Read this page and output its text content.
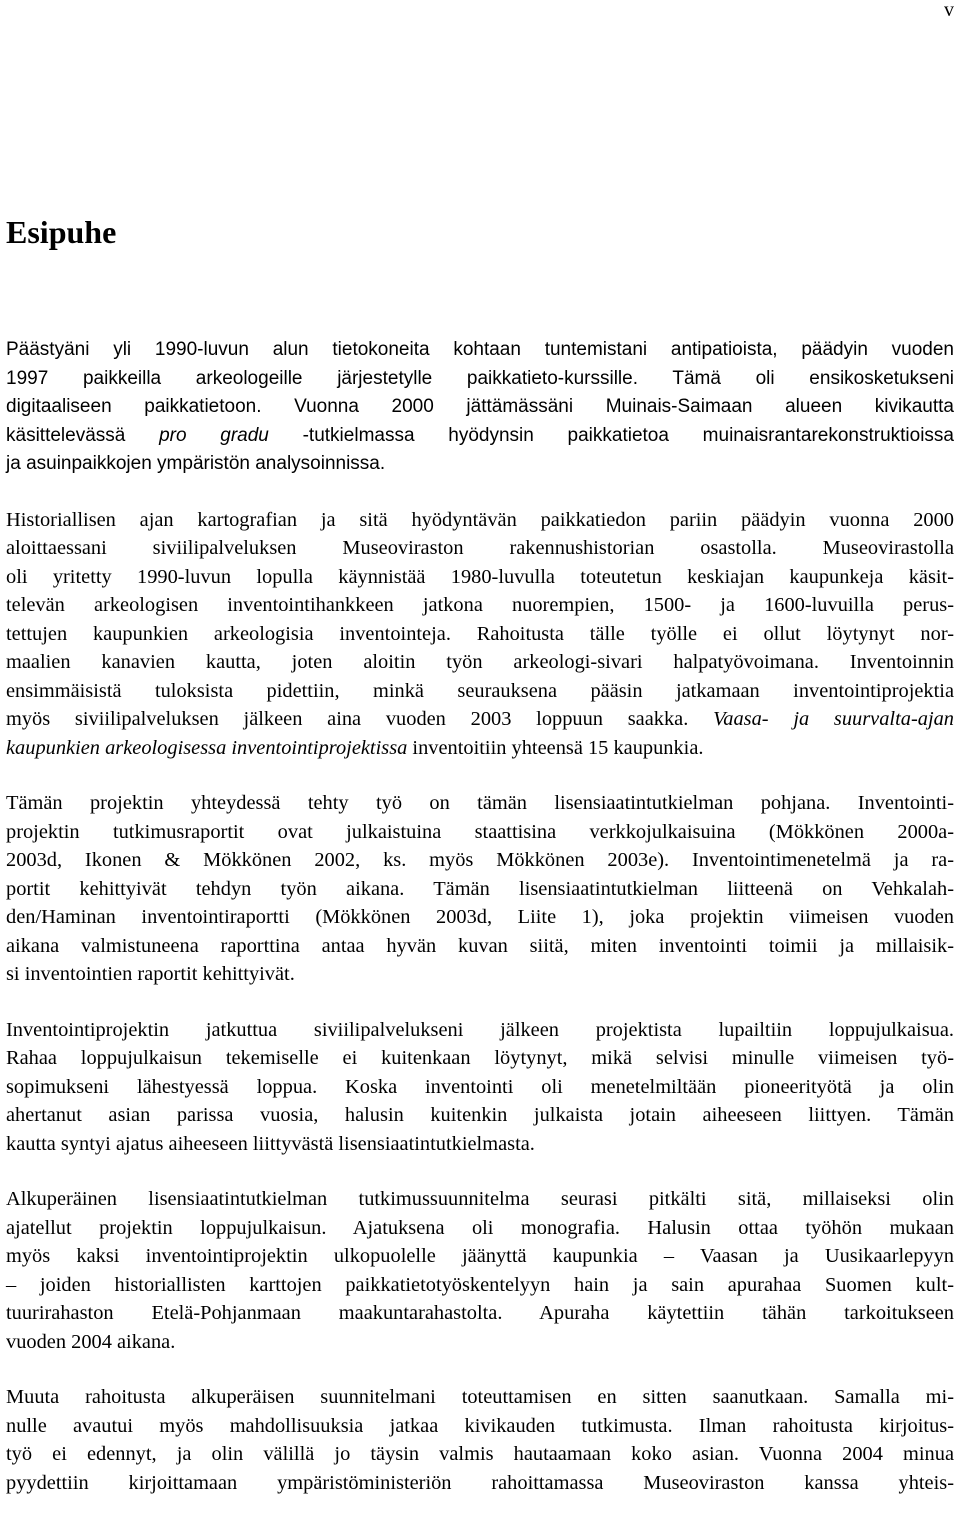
v
Esipuhe

Päästyäni yli 1990-luvun alun tietokoneita kohtaan tuntemistani antipatioista, päädyin vuoden
1997 paikkeilla arkeologeille järjestetylle paikkatieto-kurssille. Tämä oli ensikosketukseni
digitaaliseen paikkatietoon. Vuonna 2000 jättämässäni Muinais-Saimaan alueen kivikautta
käsittelevässä pro gradu -tutkielmassa hyödynsin paikkatietoa muinaisrantarekonstruktioissa
ja asuinpaikkojen ympäristön analysoinnissa.

Historiallisen ajan kartografian ja sitä hyödyntävän paikkatiedon pariin päädyin vuonna 2000
aloittaessani siviilipalveluksen Museoviraston rakennushistorian osastolla. Museovirastolla
oli yritetty 1990-luvun lopulla käynnistää 1980-luvulla toteutetun keskiajan kaupunkeja käsit-
televän arkeologisen inventointihankkeen jatkona nuorempien, 1500- ja 1600-luvuilla perus-
tettujen kaupunkien arkeologisia inventointeja. Rahoitusta tälle työlle ei ollut löytynyt nor-
maalien kanavien kautta, joten aloitin työn arkeologi-sivari halpatyövoimana. Inventoinnin
ensimmäisistä tuloksista pidettiin, minkä seurauksena pääsin jatkamaan inventointiprojektia
myös siviilipalveluksen jälkeen aina vuoden 2003 loppuun saakka. Vaasa- ja suurvalta-ajan
kaupunkien arkeologisessa inventointiprojektissa inventoitiin yhteensä 15 kaupunkia.

Tämän projektin yhteydessä tehty työ on tämän lisensiaatintutkielman pohjana. Inventointi-
projektin tutkimusraportit ovat julkaistuina staattisina verkkojulkaisuina (Mökkönen 2000a-
2003d, Ikonen & Mökkönen 2002, ks. myös Mökkönen 2003e). Inventointimenetelmä ja ra-
portit kehittyivät tehdyn työn aikana. Tämän lisensiaatintutkielman liitteenä on Vehkalah-
den/Haminan inventointiraportti (Mökkönen 2003d, Liite 1), joka projektin viimeisen vuoden
aikana valmistuneena raporttina antaa hyvän kuvan siitä, miten inventointi toimii ja millaisik-
si inventointien raportit kehittyivät.

Inventointiprojektin jatkuttua siviilipalvelukseni jälkeen projektista lupailtiin loppujulkaisua.
Rahaa loppujulkaisun tekemiselle ei kuitenkaan löytynyt, mikä selvisi minulle viimeisen työ-
sopimukseni lähestyessä loppua. Koska inventointi oli menetelmiltään pioneerityötä ja olin
ahertanut asian parissa vuosia, halusin kuitenkin julkaista jotain aiheeseen liittyen. Tämän
kautta syntyi ajatus aiheeseen liittyvästä lisensiaatintutkielmasta.

Alkuperäinen lisensiaatintutkielman tutkimussuunnitelma seurasi pitkälti sitä, millaiseksi olin
ajatellut projektin loppujulkaisun. Ajatuksena oli monografia. Halusin ottaa työhön mukaan
myös kaksi inventointiprojektin ulkopuolelle jäänyttä kaupunkia – Vaasan ja Uusikaarlepyyn
– joiden historiallisten karttojen paikkatietotyöskentelyyn hain ja sain apurahaa Suomen kult-
tuurirahaston Etelä-Pohjanmaan maakuntarahastolta. Apuraha käytettiin tähän tarkoitukseen
vuoden 2004 aikana.

Muuta rahoitusta alkuperäisen suunnitelmani toteuttamisen en sitten saanutkaan. Samalla mi-
nulle avautui myös mahdollisuuksia jatkaa kivikauden tutkimusta. Ilman rahoitusta kirjoitus-
työ ei edennyt, ja olin välillä jo täysin valmis hautaamaan koko asian. Vuonna 2004 minua
pyydettiin kirjoittamaan ympäristöministeriön rahoittamassa Museoviraston kanssa yhteis-
